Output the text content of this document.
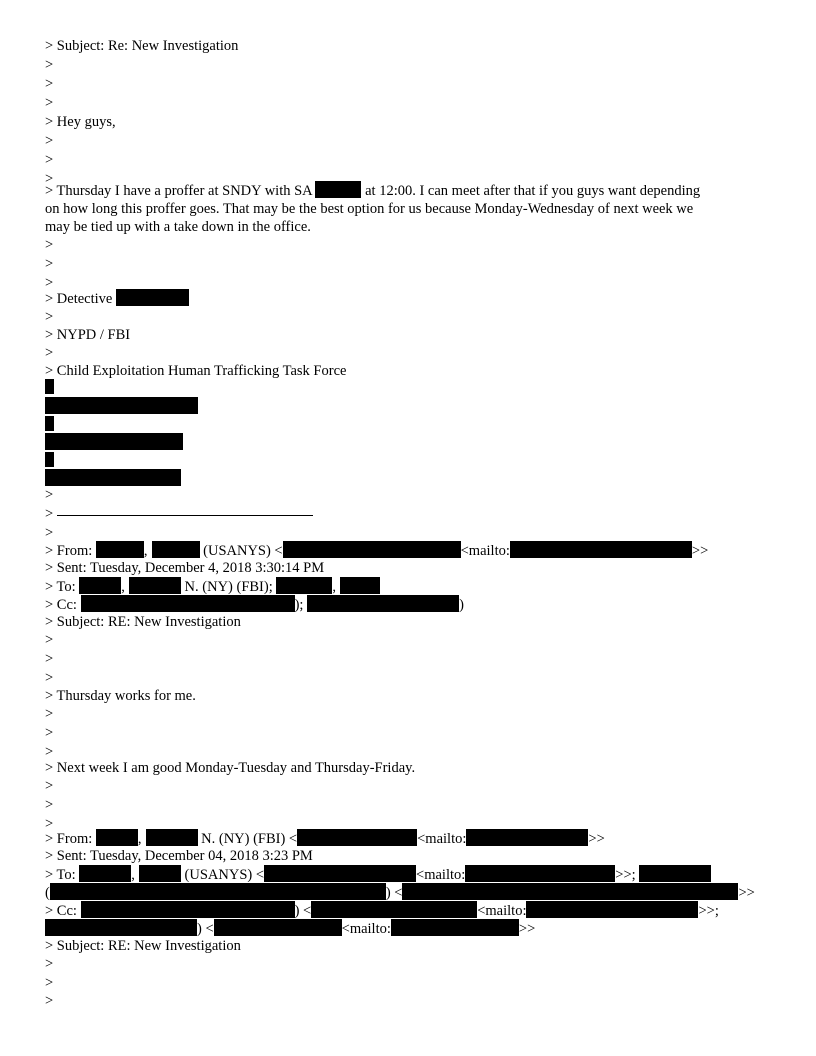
> Subject: Re: New Investigation
>
>
>
> Hey guys,
>
>
>
> Thursday I have a proffer at SNDY with SA	at 12:00. I can meet after that if you guys want depending
on how long this proffer goes. That may be the best option for us because Monday-Wednesday of next week we
may be tied up with a take down in the office.
>
>
>
> Detective
>
> NYPD / FBI
>
> Child Exploitation Human Trafficking Task Force
>
>
>
> From:	,	(USANYS) <	<mailto:	>>
> Sent: Tuesday, December 4, 2018 3:30:14 PM
> To:	,	N. (NY) (FBI);	,
> Cc:	);	)
> Subject: RE: New Investigation
>
>
>
> Thursday works for me.
>
>
>
> Next week I am good Monday-Tuesday and Thursday-Friday.
>
>
>
> From:	,	N. (NY) (FBI) <	<mailto:	>>
> Sent: Tuesday, December 04, 2018 3:23 PM
> To:	,	(USANYS) <	<mailto:	>>;
(	) <	>>
> Cc:	) <	<mailto:	>>;
) <	<mailto:	>>
> Subject: RE: New Investigation
>
>
>
